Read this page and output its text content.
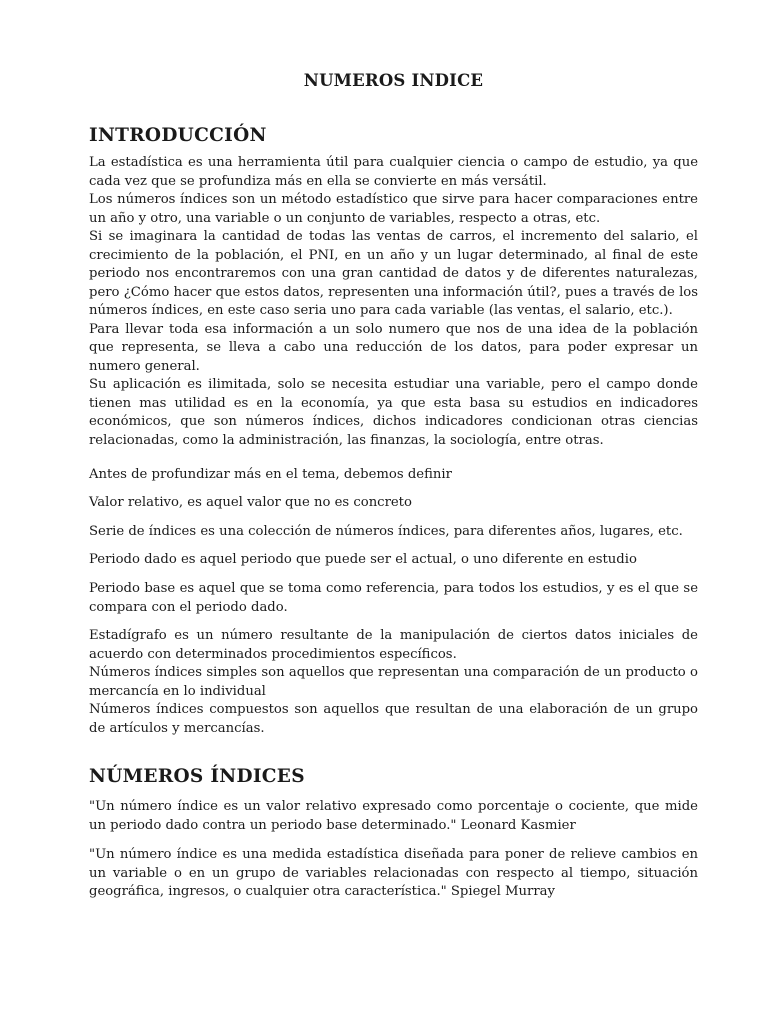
NUMEROS INDICE
INTRODUCCIÓN

La estadística es una herramienta útil para cualquier ciencia o campo de estudio, ya que cada vez que se profundiza más en ella se convierte en más versátil.

Los números índices son un método estadístico que sirve para hacer comparaciones entre un año y otro, una variable o un conjunto de variables, respecto a otras, etc.

Si se imaginara la cantidad de todas las ventas de carros, el incremento del salario, el crecimiento de la población, el PNI, en un año y un lugar determinado, al final de este periodo nos encontraremos con una gran cantidad de datos y de diferentes naturalezas, pero ¿Cómo hacer que estos datos, representen una información útil?, pues a través de los números índices, en este caso seria uno para cada variable (las ventas, el salario, etc.).

Para llevar toda esa información a un solo numero que nos de una idea de la población que representa, se lleva a cabo una reducción de los datos, para poder expresar un numero general.

Su aplicación es ilimitada, solo se necesita estudiar una variable, pero el campo donde tienen mas utilidad es en la economía, ya que esta basa su estudios en indicadores económicos, que son números índices, dichos indicadores condicionan otras ciencias relacionadas, como la administración, las finanzas, la sociología, entre otras.

Antes de profundizar más en el tema, debemos definir

Valor relativo, es aquel valor que no es concreto

Serie de índices es una colección de números índices, para diferentes años, lugares, etc.

Periodo dado es aquel periodo que puede ser el actual, o uno diferente en estudio

Periodo base es aquel que se toma como referencia, para todos los estudios, y es el que se compara con el periodo dado.

Estadígrafo es un número resultante de la manipulación de ciertos datos iniciales de acuerdo con determinados procedimientos específicos.

Números índices simples son aquellos que representan una comparación de un producto o mercancía en lo individual

Números índices compuestos son aquellos que resultan de una elaboración de un grupo de artículos y mercancías.

NÚMEROS ÍNDICES

"Un número índice es un valor relativo expresado como porcentaje o cociente, que mide un periodo dado contra un periodo base determinado." Leonard Kasmier

"Un número índice es una medida estadística diseñada para poner de relieve cambios en un variable o en un grupo de variables relacionadas con respecto al tiempo, situación geográfica, ingresos, o cualquier otra característica." Spiegel Murray
